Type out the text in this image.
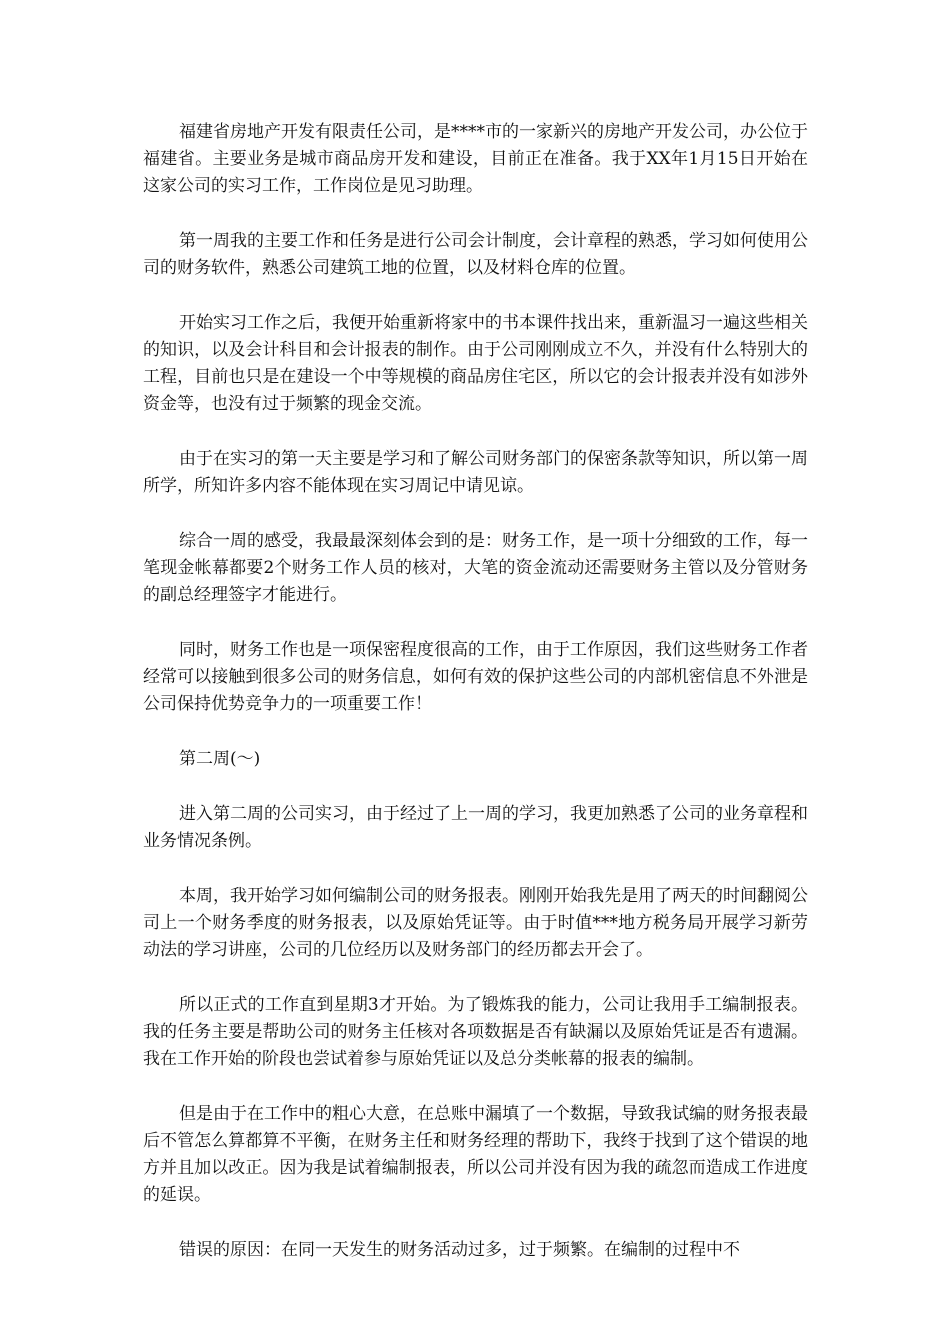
福建省房地产开发有限责任公司，是****市的一家新兴的房地产开发公司，办公位于福建省。主要业务是城市商品房开发和建设，目前正在准备。我于XX年1月15日开始在这家公司的实习工作，工作岗位是见习助理。

第一周我的主要工作和任务是进行公司会计制度，会计章程的熟悉，学习如何使用公司的财务软件，熟悉公司建筑工地的位置，以及材料仓库的位置。

开始实习工作之后，我便开始重新将家中的书本课件找出来，重新温习一遍这些相关的知识，以及会计科目和会计报表的制作。由于公司刚刚成立不久，并没有什么特别大的工程，目前也只是在建设一个中等规模的商品房住宅区，所以它的会计报表并没有如涉外资金等，也没有过于频繁的现金交流。

由于在实习的第一天主要是学习和了解公司财务部门的保密条款等知识，所以第一周所学，所知许多内容不能体现在实习周记中请见谅。

综合一周的感受，我最最深刻体会到的是：财务工作，是一项十分细致的工作，每一笔现金帐幕都要2个财务工作人员的核对，大笔的资金流动还需要财务主管以及分管财务的副总经理签字才能进行。

同时，财务工作也是一项保密程度很高的工作，由于工作原因，我们这些财务工作者经常可以接触到很多公司的财务信息，如何有效的保护这些公司的内部机密信息不外泄是公司保持优势竞争力的一项重要工作！

第二周(～)

进入第二周的公司实习，由于经过了上一周的学习，我更加熟悉了公司的业务章程和业务情况条例。

本周，我开始学习如何编制公司的财务报表。刚刚开始我先是用了两天的时间翻阅公司上一个财务季度的财务报表，以及原始凭证等。由于时值***地方税务局开展学习新劳动法的学习讲座，公司的几位经历以及财务部门的经历都去开会了。

所以正式的工作直到星期3才开始。为了锻炼我的能力，公司让我用手工编制报表。我的任务主要是帮助公司的财务主任核对各项数据是否有缺漏以及原始凭证是否有遗漏。我在工作开始的阶段也尝试着参与原始凭证以及总分类帐幕的报表的编制。

但是由于在工作中的粗心大意，在总账中漏填了一个数据，导致我试编的财务报表最后不管怎么算都算不平衡，在财务主任和财务经理的帮助下，我终于找到了这个错误的地方并且加以改正。因为我是试着编制报表，所以公司并没有因为我的疏忽而造成工作进度的延误。

错误的原因：在同一天发生的财务活动过多，过于频繁。在编制的过程中不
